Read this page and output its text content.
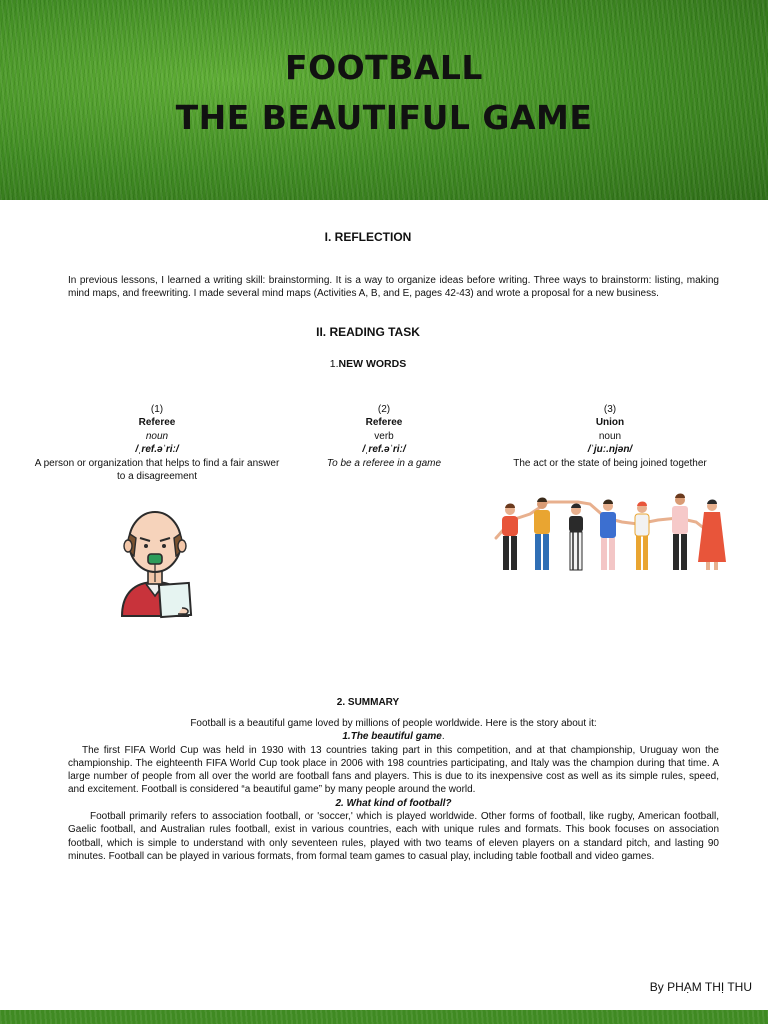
FOOTBALL
THE BEAUTIFUL GAME
I. REFLECTION
In previous lessons, I learned a writing skill: brainstorming. It is a way to organize ideas before writing. Three ways to brainstorm: listing, making mind maps, and freewriting. I made several mind maps (Activities A, B, and E, pages 42-43) and wrote a proposal for a new business.
II. READING TASK
1.NEW WORDS
(1)
Referee
noun
/ˌref.əˈriː/
A person or organization that helps to find a fair answer to a disagreement
(2)
Referee
verb
/ˌref.əˈriː/
To be a referee in a game
(3)
Union
noun
/ˈjuː.njən/
The act or the state of being joined together
2. SUMMARY
Football is a beautiful game loved by millions of people worldwide. Here is the story about it:
1.The beautiful game.
The first FIFA World Cup was held in 1930 with 13 countries taking part in this competition, and at that championship, Uruguay won the championship. The eighteenth FIFA World Cup took place in 2006 with 198 countries participating, and Italy was the champion during that time. A large number of people from all over the world are football fans and players. This is due to its inexpensive cost as well as its simple rules, speed, and excitement. Football is considered “a beautiful game” by many people around the world.
2. What kind of football?
Football primarily refers to association football, or 'soccer,' which is played worldwide. Other forms of football, like rugby, American football, Gaelic football, and Australian rules football, exist in various countries, each with unique rules and formats. This book focuses on association football, which is simple to understand with only seventeen rules, played with two teams of eleven players on a standard pitch, and lasting 90 minutes. Football can be played in various formats, from formal team games to casual play, including table football and video games.
By PHẠM THỊ THU
